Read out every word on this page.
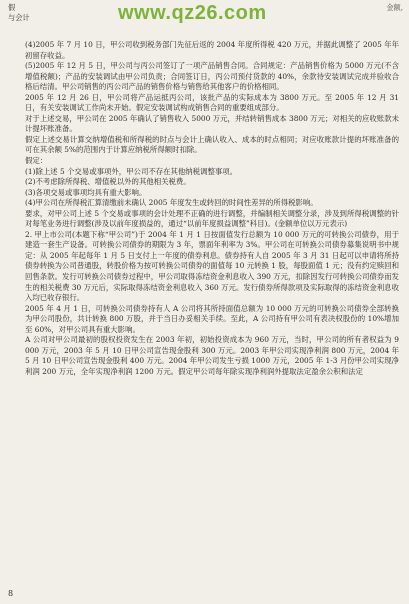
假
与会计	www.qz26.com	金额,

(4)2005 年 7 月 10 日，甲公司收到税务部门先征后返的 2004 年度所得税 420 万元，并据此调整了 2005 年年初留存收益。

(5)2005 年 12 月 5 日，甲公司与丙公司签订了一项产品销售合同。合同规定：产品销售价格为 5000 万元(不含增值税额)；产品的安装调试由甲公司负责；合同签订日，丙公司预付货款的 40%，余款待安装调试完成并验收合格后结清。甲公司销售的丙公司产品的销售价格与销售给其他客户的价格相同。

2005 年 12 月 26 日，甲公司将产品运抵丙公司，该批产品的实际成本为 3800 万元。至 2005 年 12 月 31 日，有关安装调试工作尚未开始。假定安装调试构成销售合同的重要组成部分。

对于上述交易，甲公司在 2005 年确认了销售收入 5000 万元，并结转销售成本 3800 万元；对相关的应收账款未计提坏账准备。

假定上述交易计算交纳增值税和所得税的时点与会计上确认收入、成本的时点相同；对应收账款计提的坏账准备的可在其余额 5%的范围内于计算应纳税所得额时扣除。

假定：

(1)除上述 5 个交易或事项外，甲公司不存在其他纳税调整事项。

(2)不考虑除所得税、增值税以外的其他相关税费。

(3)各项交易或事项均具有重大影响。

(4)甲公司在所得税汇算清缴前未确认 2005 年度发生或转回的时间性差异的所得税影响。

要求，对甲公司上述 5 个交易或事项的会计处理不正确的进行调整，并编制相关调整分录，涉及到所得税调整的针对每笔业务进行调整(涉及以前年度损益的，通过“以前年度损益调整”科目)。(金额单位以万元表示)

2. 甲上市公司(本题下称“甲公司”)于 2004 年 1 月 1 日按面值发行总额为 10 000 万元的可转换公司债券，用于建造一套生产设备。可转换公司债券的期限为 3 年，票面年利率为 3%。甲公司在可转换公司债券募集说明书中规定：从 2005 年起每年 1 月 5 日支付上一年度的债券利息。债券持有人自 2005 年 3 月 31 日起可以申请将所持债券转换为公司普通股，转股价格为按可转换公司债券的面值每 10 元转换 1 股，每股面值 1 元；没有约定赎回和回售条款。发行可转换公司债券过程中，甲公司取得冻结资金利息收入 390 万元，扣除因发行可转换公司债券而发生的相关税费 30 万元后，实际取得冻结资金利息收入 360 万元。发行债券所得款项及实际取得的冻结资金利息收入均已收存银行。

2005 年 4 月 1 日，可转换公司债券持有人 A 公司将其所持面值总额为 10 000 万元的可转换公司债券全部转换为甲公司股份，共计转换 800 万股，并于当日办妥相关手续。至此，A 公司持有甲公司有表决权股份的 10%增加至 60%，对甲公司具有重大影响。

A 公司对甲公司最初的股权投资发生在 2003 年初，初始投资成本为 960 万元，当时，甲公司的所有者权益为 9 000 万元，2003 年 5 月 10 日甲公司宣告现金股利 300 万元。2003 年甲公司实现净利润 800 万元，2004 年 5 月 10 日甲公司宣告现金股利 400 万元。2004 年甲公司发生亏损 1000 万元，2005 年 1-3 月份甲公司实现净利润 200 万元，全年实现净利润 1200 万元。假定甲公司每年除实现净利润外提取法定盈余公积和法定

8
